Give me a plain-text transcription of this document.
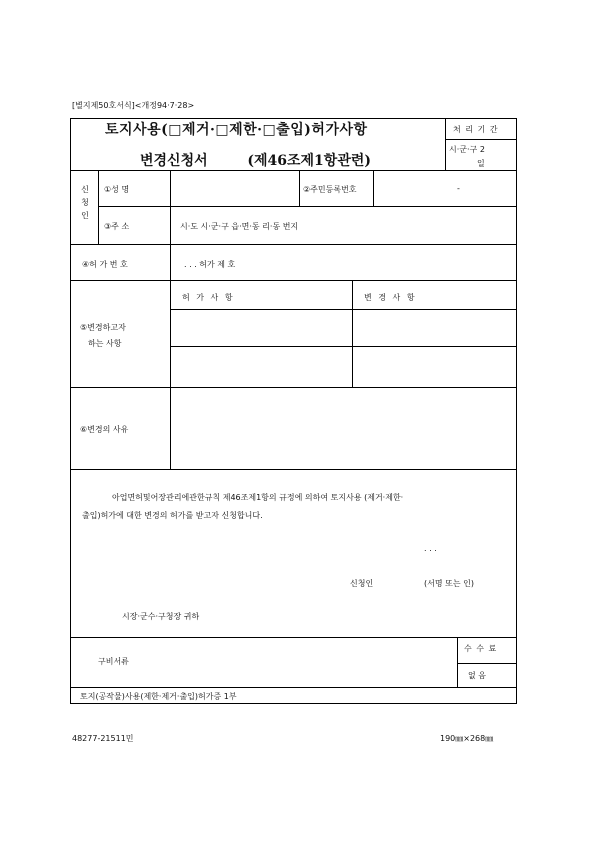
[별지제50호서식]<개정94·7·28>
토지사용(□제거·□제한·□출입)허가사항
변경신청서	(제46조제1항관련)
처 리 기 간
시·군·구 2
일
신
청
인
①성 명	②주민등록번호	-
③주 소	시·도 시·군·구 읍·면·동 리·동 번지
④허 가 번 호	. . . 허가 제 호
허 가 사 항	변 경 사 항
⑤변경하고자
하는 사항
⑥변경의 사유
아업면허및어장관리에관한규칙 제46조제1항의 규정에 의하여 토지사용 (제거·제한·
출입)허가에 대한 변경의 허가를 받고자 신청합니다.
. . .
신청인	(서명 또는 인)
시장·군수·구청장 귀하
구비서류
수 수 료
없 음
토지(공작물)사용(제한·제거·출입)허가증 1부
48277-21511민	190㎜×268㎜
